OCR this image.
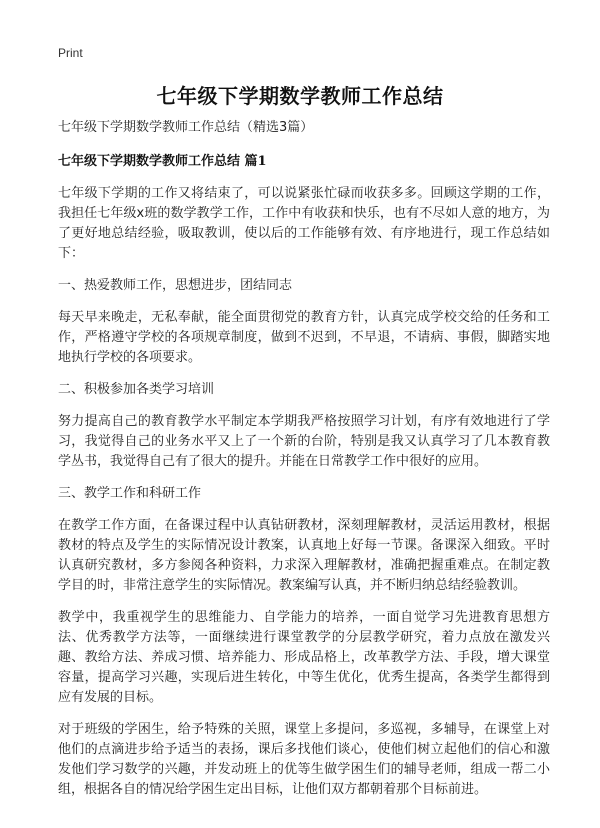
Print
七年级下学期数学教师工作总结

七年级下学期数学教师工作总结（精选3篇）

七年级下学期数学教师工作总结 篇1

七年级下学期的工作又将结束了，可以说紧张忙碌而收获多多。回顾这学期的工作，我担任七年级x班的数学教学工作，工作中有收获和快乐，也有不尽如人意的地方，为了更好地总结经验，吸取教训，使以后的工作能够有效、有序地进行，现工作总结如下：

一、热爱教师工作，思想进步，团结同志

每天早来晚走，无私奉献，能全面贯彻党的教育方针，认真完成学校交给的任务和工作，严格遵守学校的各项规章制度，做到不迟到，不早退，不请病、事假，脚踏实地地执行学校的各项要求。

二、积极参加各类学习培训

努力提高自己的教育教学水平制定本学期我严格按照学习计划，有序有效地进行了学习，我觉得自己的业务水平又上了一个新的台阶，特别是我又认真学习了几本教育教学丛书，我觉得自己有了很大的提升。并能在日常教学工作中很好的应用。

三、教学工作和科研工作

在教学工作方面，在备课过程中认真钻研教材，深刻理解教材，灵活运用教材，根据教材的特点及学生的实际情况设计教案，认真地上好每一节课。备课深入细致。平时认真研究教材，多方参阅各种资料，力求深入理解教材，准确把握重难点。在制定教学目的时，非常注意学生的实际情况。教案编写认真，并不断归纳总结经验教训。

教学中，我重视学生的思维能力、自学能力的培养，一面自觉学习先进教育思想方法、优秀教学方法等，一面继续进行课堂教学的分层教学研究，着力点放在激发兴趣、教给方法、养成习惯、培养能力、形成品格上，改革教学方法、手段，增大课堂容量，提高学习兴趣，实现后进生转化，中等生优化，优秀生提高，各类学生都得到应有发展的目标。

对于班级的学困生，给予特殊的关照，课堂上多提问，多巡视，多辅导，在课堂上对他们的点滴进步给予适当的表扬，课后多找他们谈心，使他们树立起他们的信心和激发他们学习数学的兴趣，并发动班上的优等生做学困生们的辅导老师，组成一帮二小组，根据各自的情况给学困生定出目标，让他们双方都朝着那个目标前进。
